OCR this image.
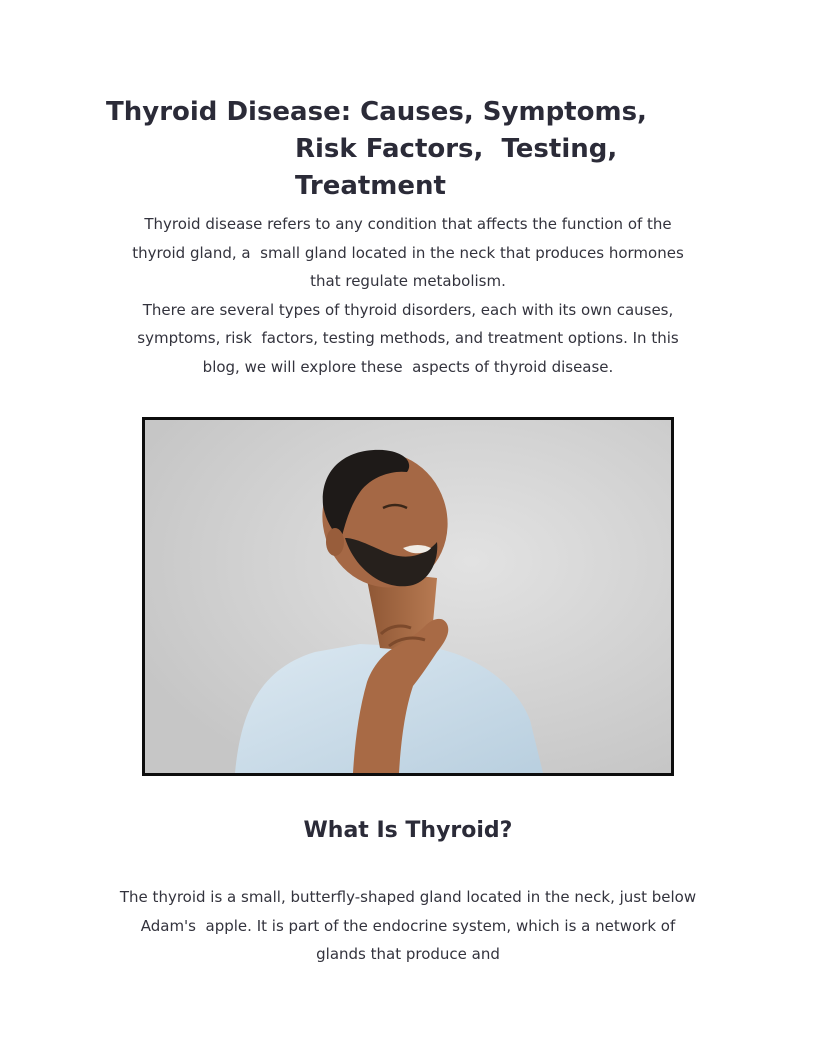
Thyroid Disease: Causes, Symptoms,
Risk Factors,  Testing,
Treatment

Thyroid disease refers to any condition that affects the function of the
thyroid gland, a  small gland located in the neck that produces hormones
that regulate metabolism.

There are several types of thyroid disorders, each with its own causes,
symptoms, risk  factors, testing methods, and treatment options. In this
blog, we will explore these  aspects of thyroid disease.

What Is Thyroid?
The thyroid is a small, butterfly-shaped gland located in the neck, just below
Adam's  apple. It is part of the endocrine system, which is a network of
glands that produce and
